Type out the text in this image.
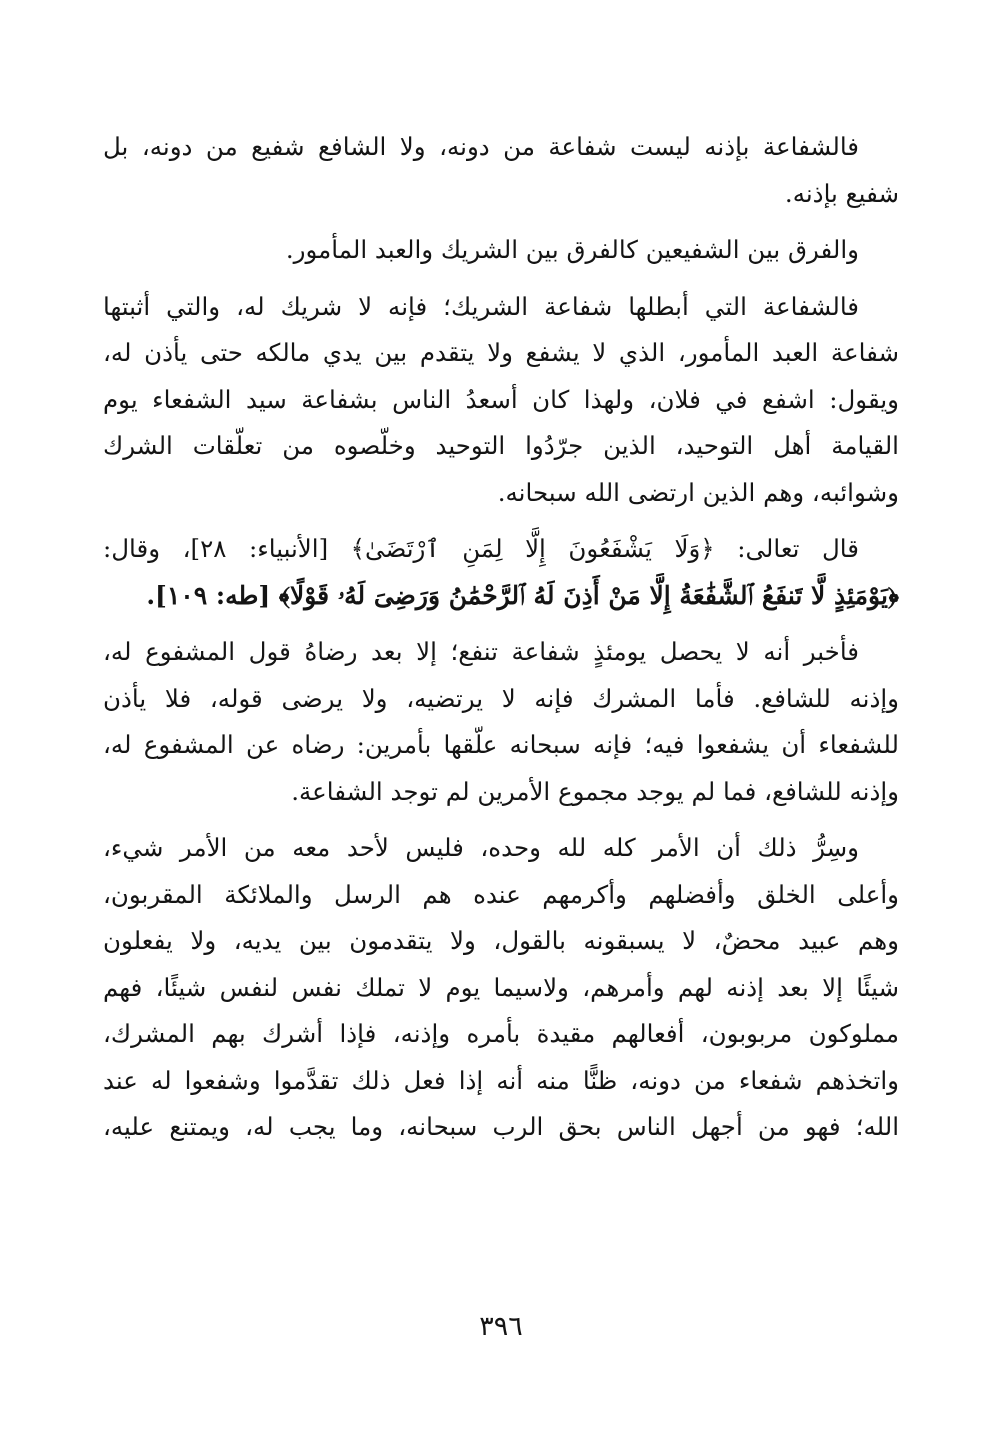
فالشفاعة بإذنه ليست شفاعة من دونه، ولا الشافع شفيع من دونه، بل
شفيع بإذنه.

والفرق بين الشفيعين كالفرق بين الشريك والعبد المأمور.

فالشفاعة التي أبطلها شفاعة الشريك؛ فإنه لا شريك له، والتي أثبتها
شفاعة العبد المأمور، الذي لا يشفع ولا يتقدم بين يدي مالكه حتى يأذن له،
ويقول: اشفع في فلان، ولهذا كان أسعدُ الناس بشفاعة سيد الشفعاء يوم
القيامة أهل التوحيد، الذين جرّدُوا التوحيد وخلّصوه من تعلّقات الشرك
وشوائبه، وهم الذين ارتضى الله سبحانه.

قال تعالى: ﴿وَلَا يَشْفَعُونَ إِلَّا لِمَنِ ٱرْتَضَىٰ﴾ [الأنبياء: ٢٨]، وقال:
﴿يَوْمَئِذٍ لَّا تَنفَعُ ٱلشَّفَٰعَةُ إِلَّا مَنْ أَذِنَ لَهُ ٱلرَّحْمَٰنُ وَرَضِىَ لَهُۥ قَوْلًا﴾ [طه: ١٠٩].

فأخبر أنه لا يحصل يومئذٍ شفاعة تنفع؛ إلا بعد رضاهُ قول المشفوع له،
وإذنه للشافع. فأما المشرك فإنه لا يرتضيه، ولا يرضى قوله، فلا يأذن
للشفعاء أن يشفعوا فيه؛ فإنه سبحانه علّقها بأمرين: رضاه عن المشفوع له،
وإذنه للشافع، فما لم يوجد مجموع الأمرين لم توجد الشفاعة.

وسِرُّ ذلك أن الأمر كله لله وحده، فليس لأحد معه من الأمر شيء،
وأعلى الخلق وأفضلهم وأكرمهم عنده هم الرسل والملائكة المقربون،
وهم عبيد محضٌ، لا يسبقونه بالقول، ولا يتقدمون بين يديه، ولا يفعلون
شيئًا إلا بعد إذنه لهم وأمرهم، ولاسيما يوم لا تملك نفس لنفس شيئًا، فهم
مملوكون مربوبون، أفعالهم مقيدة بأمره وإذنه، فإذا أشرك بهم المشرك،
واتخذهم شفعاء من دونه، ظنًّا منه أنه إذا فعل ذلك تقدَّموا وشفعوا له عند
الله؛ فهو من أجهل الناس بحق الرب سبحانه، وما يجب له، ويمتنع عليه،

٣٩٦
